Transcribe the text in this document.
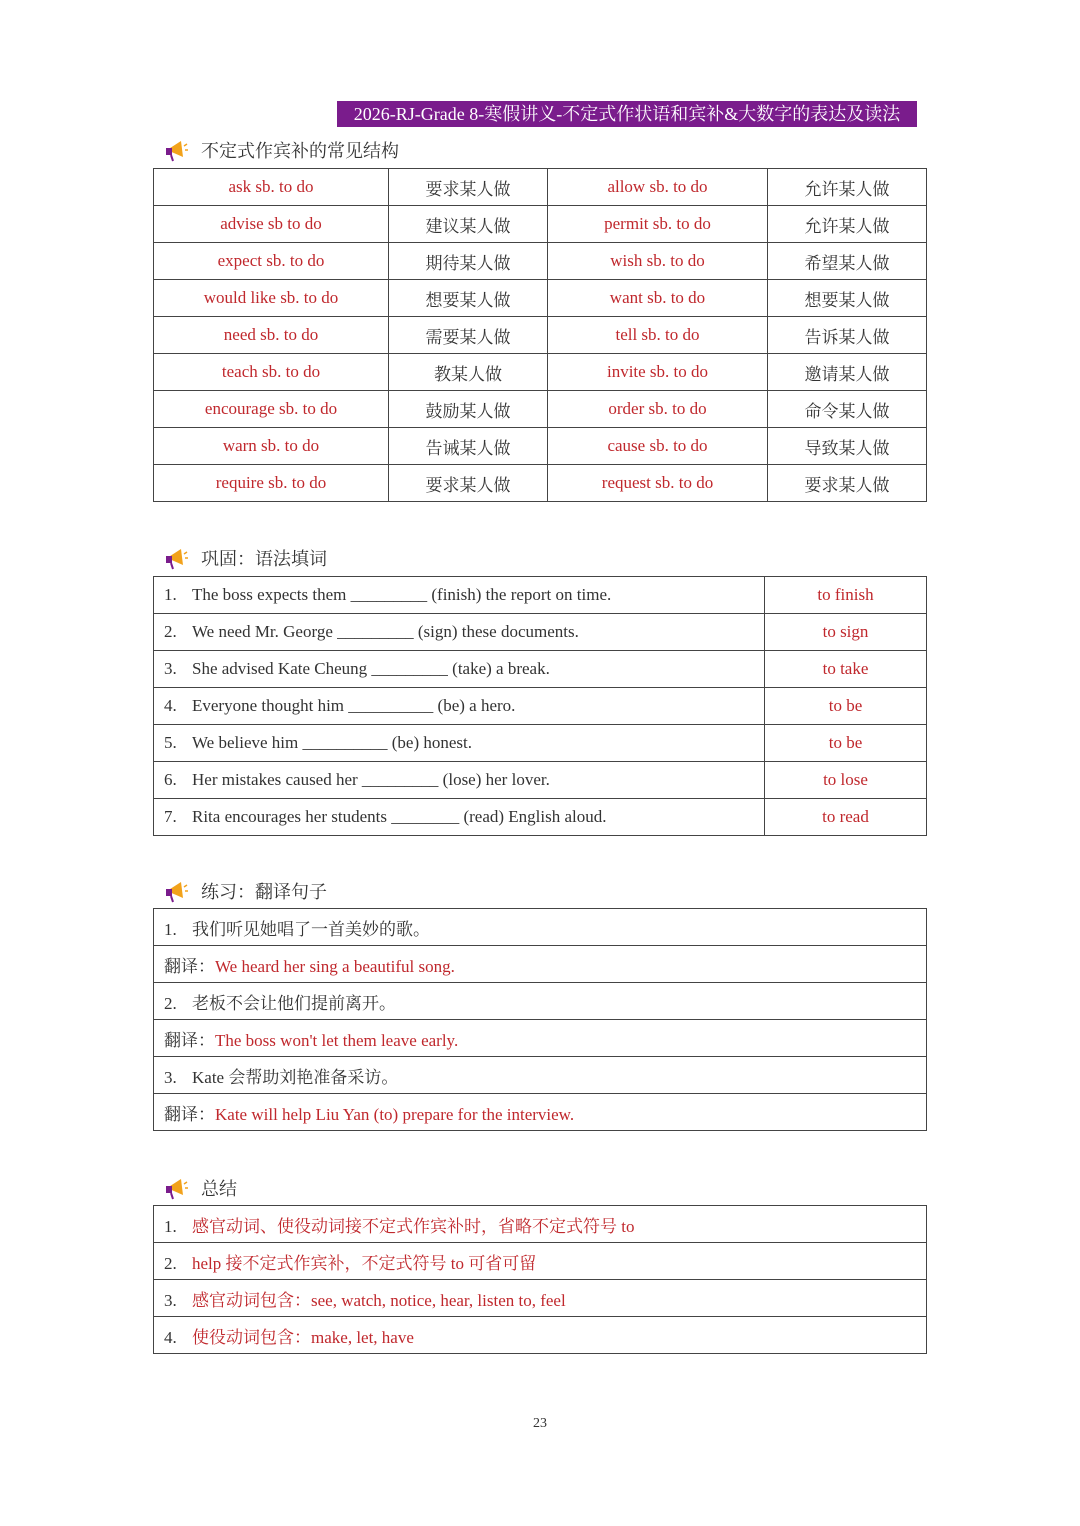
2026-RJ-Grade 8-寒假讲义-不定式作状语和宾补&大数字的表达及读法
不定式作宾补的常见结构
ask sb. to do	要求某人做	allow sb. to do	允许某人做
advise sb to do	建议某人做	permit sb. to do	允许某人做
expect sb. to do	期待某人做	wish sb. to do	希望某人做
would like sb. to do	想要某人做	want sb. to do	想要某人做
need sb. to do	需要某人做	tell sb. to do	告诉某人做
teach sb. to do	教某人做	invite sb. to do	邀请某人做
encourage sb. to do	鼓励某人做	order sb. to do	命令某人做
warn sb. to do	告诫某人做	cause sb. to do	导致某人做
require sb. to do	要求某人做	request sb. to do	要求某人做
巩固：语法填词
1. The boss expects them _________ (finish) the report on time.	to finish
2. We need Mr. George _________ (sign) these documents.	to sign
3. She advised Kate Cheung _________ (take) a break.	to take
4. Everyone thought him __________ (be) a hero.	to be
5. We believe him __________ (be) honest.	to be
6. Her mistakes caused her _________ (lose) her lover.	to lose
7. Rita encourages her students ________ (read) English aloud.	to read
练习：翻译句子
1. 我们听见她唱了一首美妙的歌。
翻译：We heard her sing a beautiful song.
2. 老板不会让他们提前离开。
翻译：The boss won't let them leave early.
3. Kate 会帮助刘艳准备采访。
翻译：Kate will help Liu Yan (to) prepare for the interview.
总结
1. 感官动词、使役动词接不定式作宾补时，省略不定式符号 to
2. help 接不定式作宾补，不定式符号 to 可省可留
3. 感官动词包含：see, watch, notice, hear, listen to, feel
4. 使役动词包含：make, let, have
23
